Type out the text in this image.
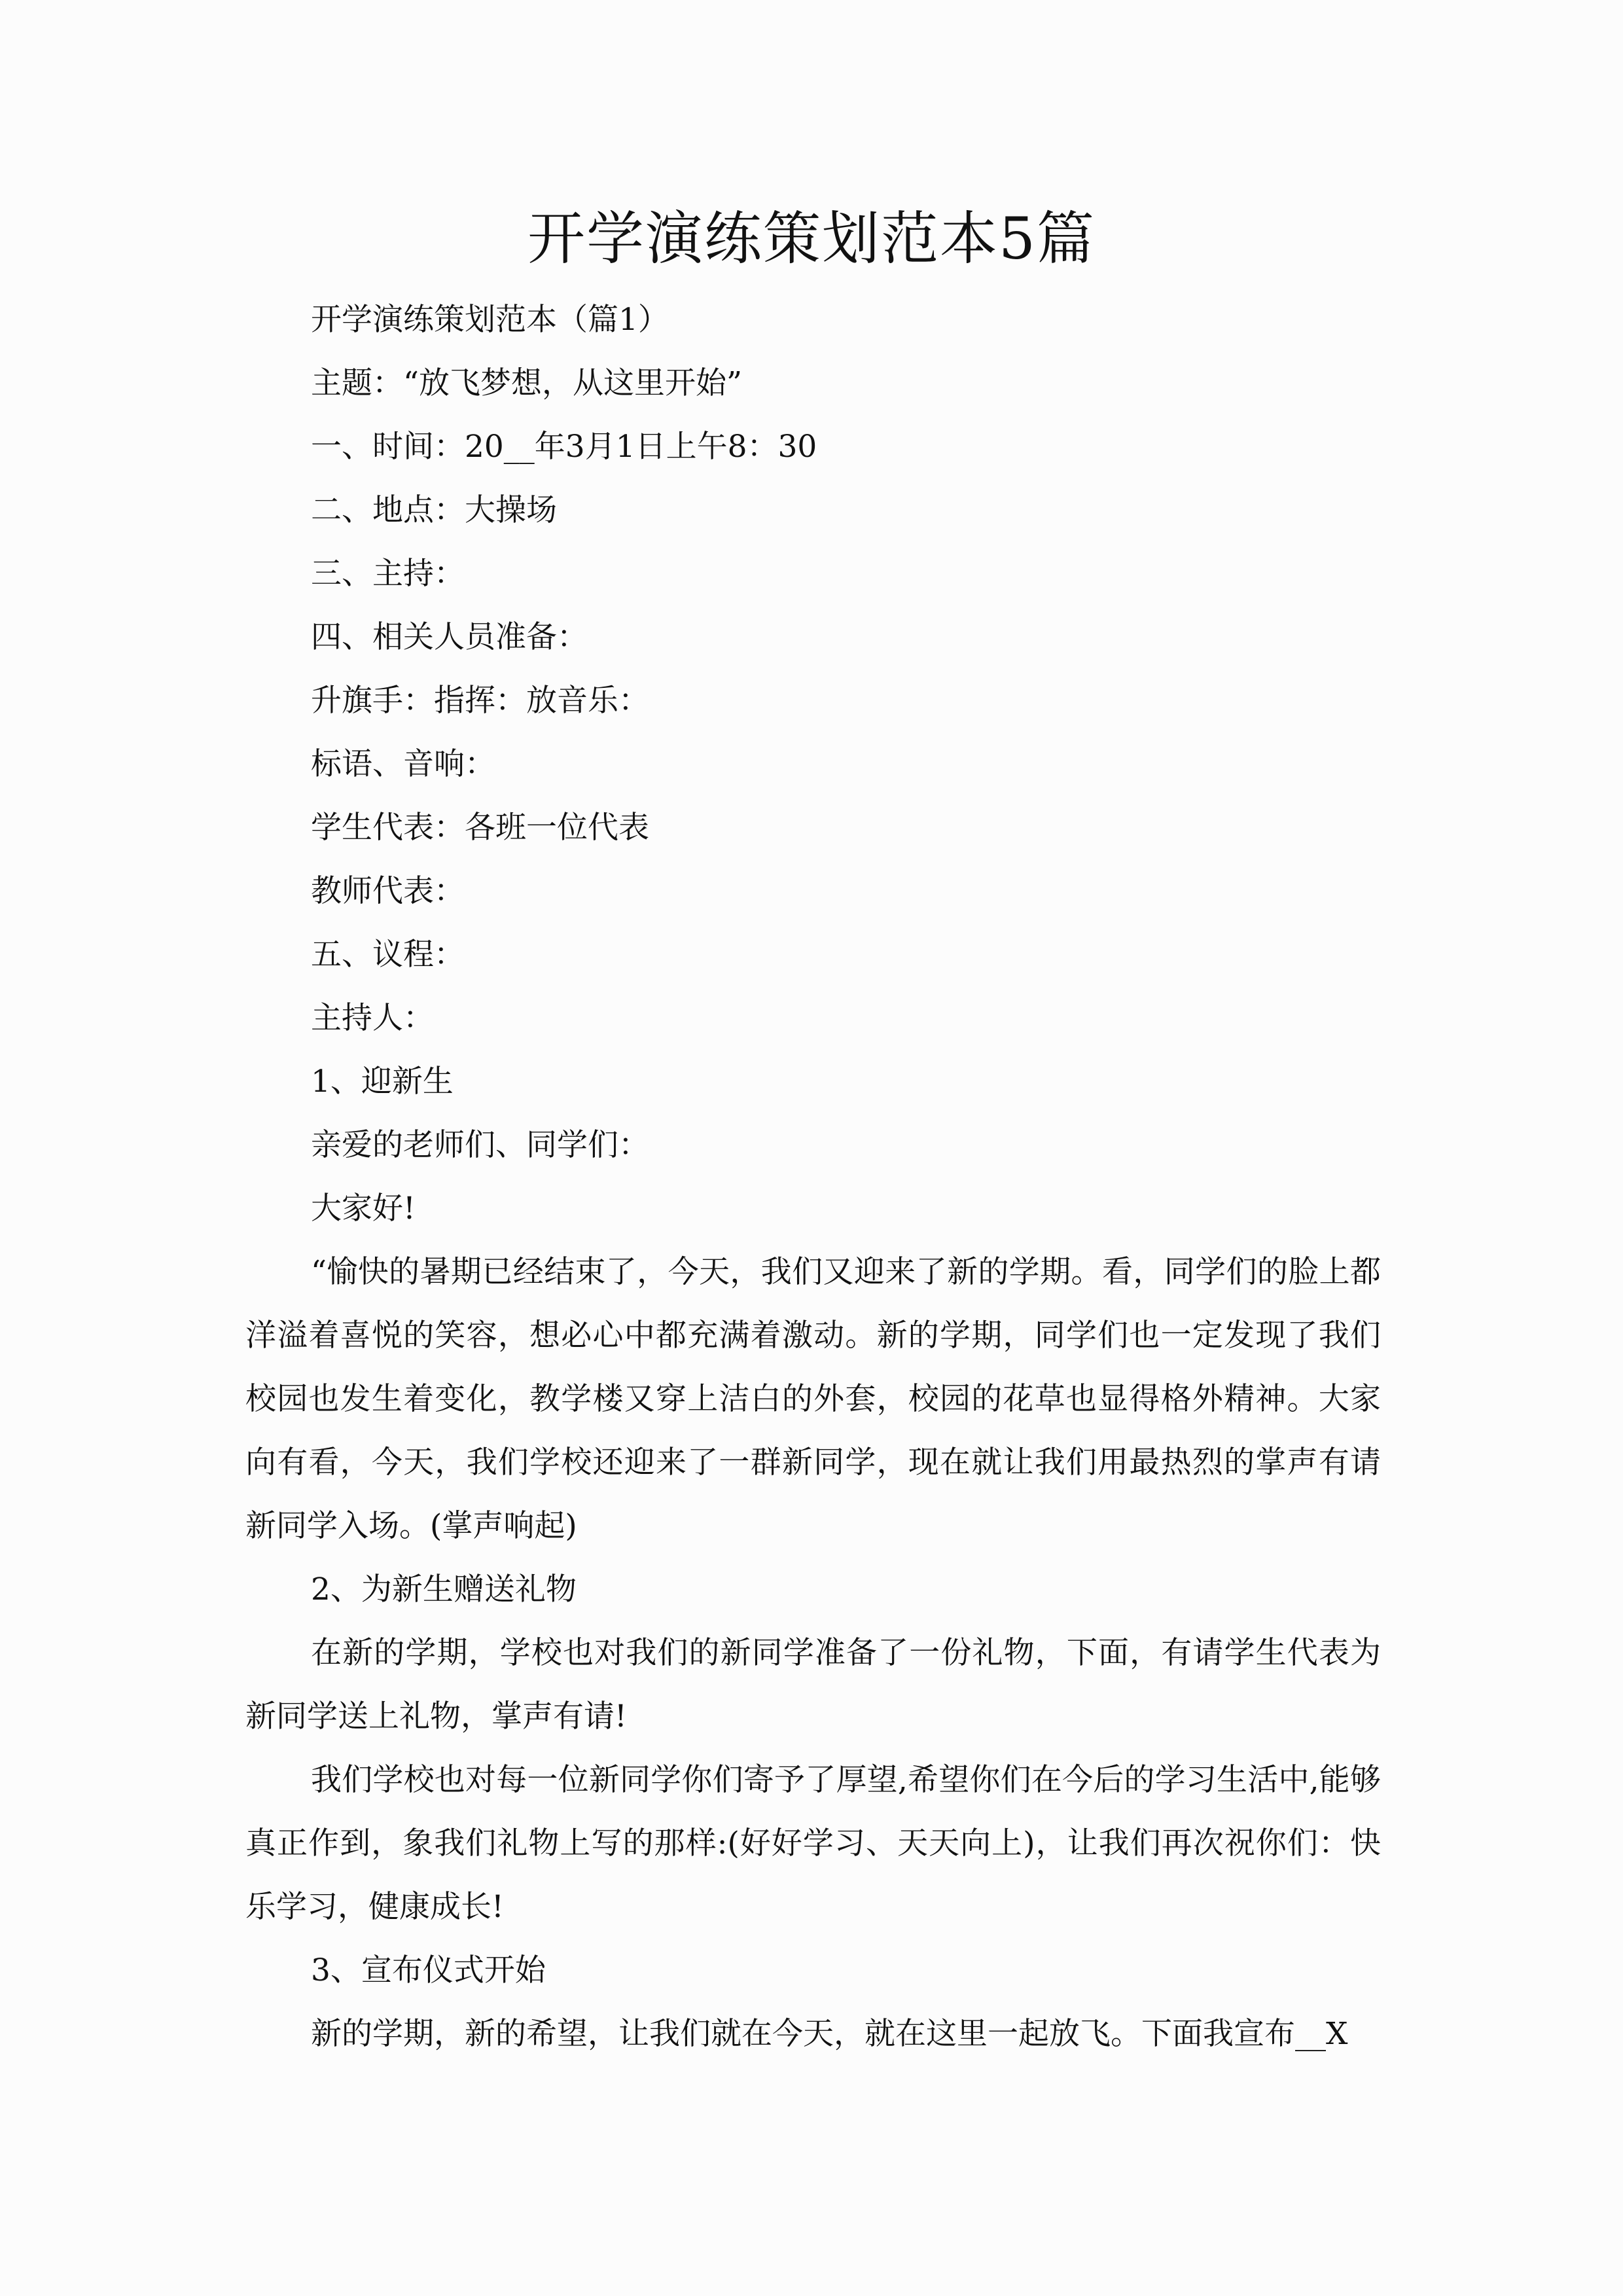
开学演练策划范本5篇

开学演练策划范本（篇1）

主题：“放飞梦想，从这里开始”

一、时间：20__年3月1日上午8：30

二、地点：大操场

三、主持：

四、相关人员准备：

升旗手：指挥：放音乐：

标语、音响：

学生代表：各班一位代表

教师代表：

五、议程：

主持人：

1、迎新生

亲爱的老师们、同学们：

大家好!

“愉快的暑期已经结束了，今天，我们又迎来了新的学期。看，同学们的脸上都洋溢着喜悦的笑容，想必心中都充满着激动。新的学期，同学们也一定发现了我们校园也发生着变化，教学楼又穿上洁白的外套，校园的花草也显得格外精神。大家向有看，今天，我们学校还迎来了一群新同学，现在就让我们用最热烈的掌声有请新同学入场。(掌声响起)

2、为新生赠送礼物

在新的学期，学校也对我们的新同学准备了一份礼物，下面，有请学生代表为新同学送上礼物，掌声有请!

我们学校也对每一位新同学你们寄予了厚望,希望你们在今后的学习生活中,能够真正作到，象我们礼物上写的那样:(好好学习、天天向上)，让我们再次祝你们：快乐学习，健康成长!

3、宣布仪式开始

新的学期，新的希望，让我们就在今天，就在这里一起放飞。下面我宣布__X
